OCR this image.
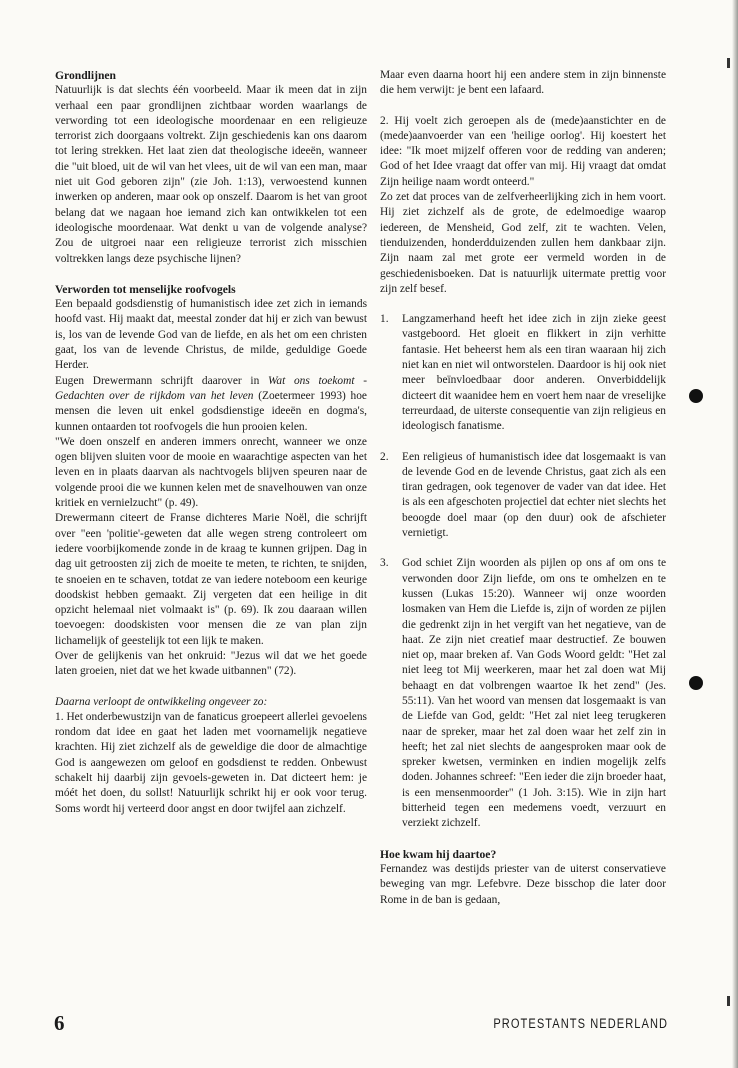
Grondlijnen

Natuurlijk is dat slechts één voorbeeld. Maar ik meen dat in zijn verhaal een paar grondlijnen zichtbaar worden waarlangs de verwording tot een ideologische moordenaar en een religieuze terrorist zich doorgaans voltrekt. Zijn geschiedenis kan ons daarom tot lering strekken. Het laat zien dat theologische ideeën, wanneer die "uit bloed, uit de wil van het vlees, uit de wil van een man, maar niet uit God geboren zijn" (zie Joh. 1:13), verwoestend kunnen inwerken op anderen, maar ook op onszelf. Daarom is het van groot belang dat we nagaan hoe iemand zich kan ontwikkelen tot een ideologische moordenaar. Wat denkt u van de volgende analyse? Zou de uitgroei naar een religieuze terrorist zich misschien voltrekken langs deze psychische lijnen?

Verworden tot menselijke roofvogels

Een bepaald godsdienstig of humanistisch idee zet zich in iemands hoofd vast. Hij maakt dat, meestal zonder dat hij er zich van bewust is, los van de levende God van de liefde, en als het om een christen gaat, los van de levende Christus, de milde, geduldige Goede Herder.

Eugen Drewermann schrijft daarover in Wat ons toekomt - Gedachten over de rijkdom van het leven (Zoetermeer 1993) hoe mensen die leven uit enkel godsdienstige ideeën en dogma's, kunnen ontaarden tot roofvogels die hun prooien kelen.

"We doen onszelf en anderen immers onrecht, wanneer we onze ogen blijven sluiten voor de mooie en waarachtige aspecten van het leven en in plaats daarvan als nachtvogels blijven speuren naar de volgende prooi die we kunnen kelen met de snavelhouwen van onze kritiek en vernielzucht" (p. 49).

Drewermann citeert de Franse dichteres Marie Noël, die schrijft over "een 'politie'-geweten dat alle wegen streng controleert om iedere voorbijkomende zonde in de kraag te kunnen grijpen. Dag in dag uit getroosten zij zich de moeite te meten, te richten, te snijden, te snoeien en te schaven, totdat ze van iedere noteboom een keurige doodskist hebben gemaakt. Zij vergeten dat een heilige in dit opzicht helemaal niet volmaakt is" (p. 69). Ik zou daaraan willen toevoegen: doodskisten voor mensen die ze van plan zijn lichamelijk of geestelijk tot een lijk te maken.

Over de gelijkenis van het onkruid: "Jezus wil dat we het goede laten groeien, niet dat we het kwade uitbannen" (72).

Daarna verloopt de ontwikkeling ongeveer zo:

1. Het onderbewustzijn van de fanaticus groepeert allerlei gevoelens rondom dat idee en gaat het laden met voornamelijk negatieve krachten. Hij ziet zichzelf als de geweldige die door de almachtige God is aangewezen om geloof en godsdienst te redden. Onbewust schakelt hij daarbij zijn gevoels-geweten in. Dat dicteert hem: je móét het doen, du sollst! Natuurlijk schrikt hij er ook voor terug. Soms wordt hij verteerd door angst en door twijfel aan zichzelf.

Maar even daarna hoort hij een andere stem in zijn binnenste die hem verwijt: je bent een lafaard.

2. Hij voelt zich geroepen als de (mede)aanstichter en de (mede)aanvoerder van een 'heilige oorlog'. Hij koestert het idee: "Ik moet mijzelf offeren voor de redding van anderen; God of het Idee vraagt dat offer van mij. Hij vraagt dat omdat Zijn heilige naam wordt onteerd."

Zo zet dat proces van de zelfverheerlijking zich in hem voort. Hij ziet zichzelf als de grote, de edelmoedige waarop iedereen, de Mensheid, God zelf, zit te wachten. Velen, tienduizenden, honderdduizenden zullen hem dankbaar zijn. Zijn naam zal met grote eer vermeld worden in de geschiedenisboeken. Dat is natuurlijk uitermate prettig voor zijn zelf besef.

1. Langzamerhand heeft het idee zich in zijn zieke geest vastgeboord. Het gloeit en flikkert in zijn verhitte fantasie. Het beheerst hem als een tiran waaraan hij zich niet kan en niet wil ontworstelen. Daardoor is hij ook niet meer beïnvloedbaar door anderen. Onverbiddelijk dicteert dit waanidee hem en voert hem naar de vreselijke terreurdaad, de uiterste consequentie van zijn religieus en ideologisch fanatisme.
2. Een religieus of humanistisch idee dat losgemaakt is van de levende God en de levende Christus, gaat zich als een tiran gedragen, ook tegenover de vader van dat idee. Het is als een afgeschoten projectiel dat echter niet slechts het beoogde doel maar (op den duur) ook de afschieter vernietigt.
3. God schiet Zijn woorden als pijlen op ons af om ons te verwonden door Zijn liefde, om ons te omhelzen en te kussen (Lukas 15:20). Wanneer wij onze woorden losmaken van Hem die Liefde is, zijn of worden ze pijlen die gedrenkt zijn in het vergift van het negatieve, van de haat. Ze zijn niet creatief maar destructief. Ze bouwen niet op, maar breken af. Van Gods Woord geldt: "Het zal niet leeg tot Mij weerkeren, maar het zal doen wat Mij behaagt en dat volbrengen waartoe Ik het zend" (Jes. 55:11). Van het woord van mensen dat losgemaakt is van de Liefde van God, geldt: "Het zal niet leeg terugkeren naar de spreker, maar het zal doen waar het zelf zin in heeft; het zal niet slechts de aangesproken maar ook de spreker kwetsen, verminken en indien mogelijk zelfs doden. Johannes schreef: "Een ieder die zijn broeder haat, is een mensenmoorder" (1 Joh. 3:15). Wie in zijn hart bitterheid tegen een medemens voedt, verzuurt en verziekt zichzelf.
Hoe kwam hij daartoe?

Fernandez was destijds priester van de uiterst conservatieve beweging van mgr. Lefebvre. Deze bisschop die later door Rome in de ban is gedaan,

6	PROTESTANTS NEDERLAND
